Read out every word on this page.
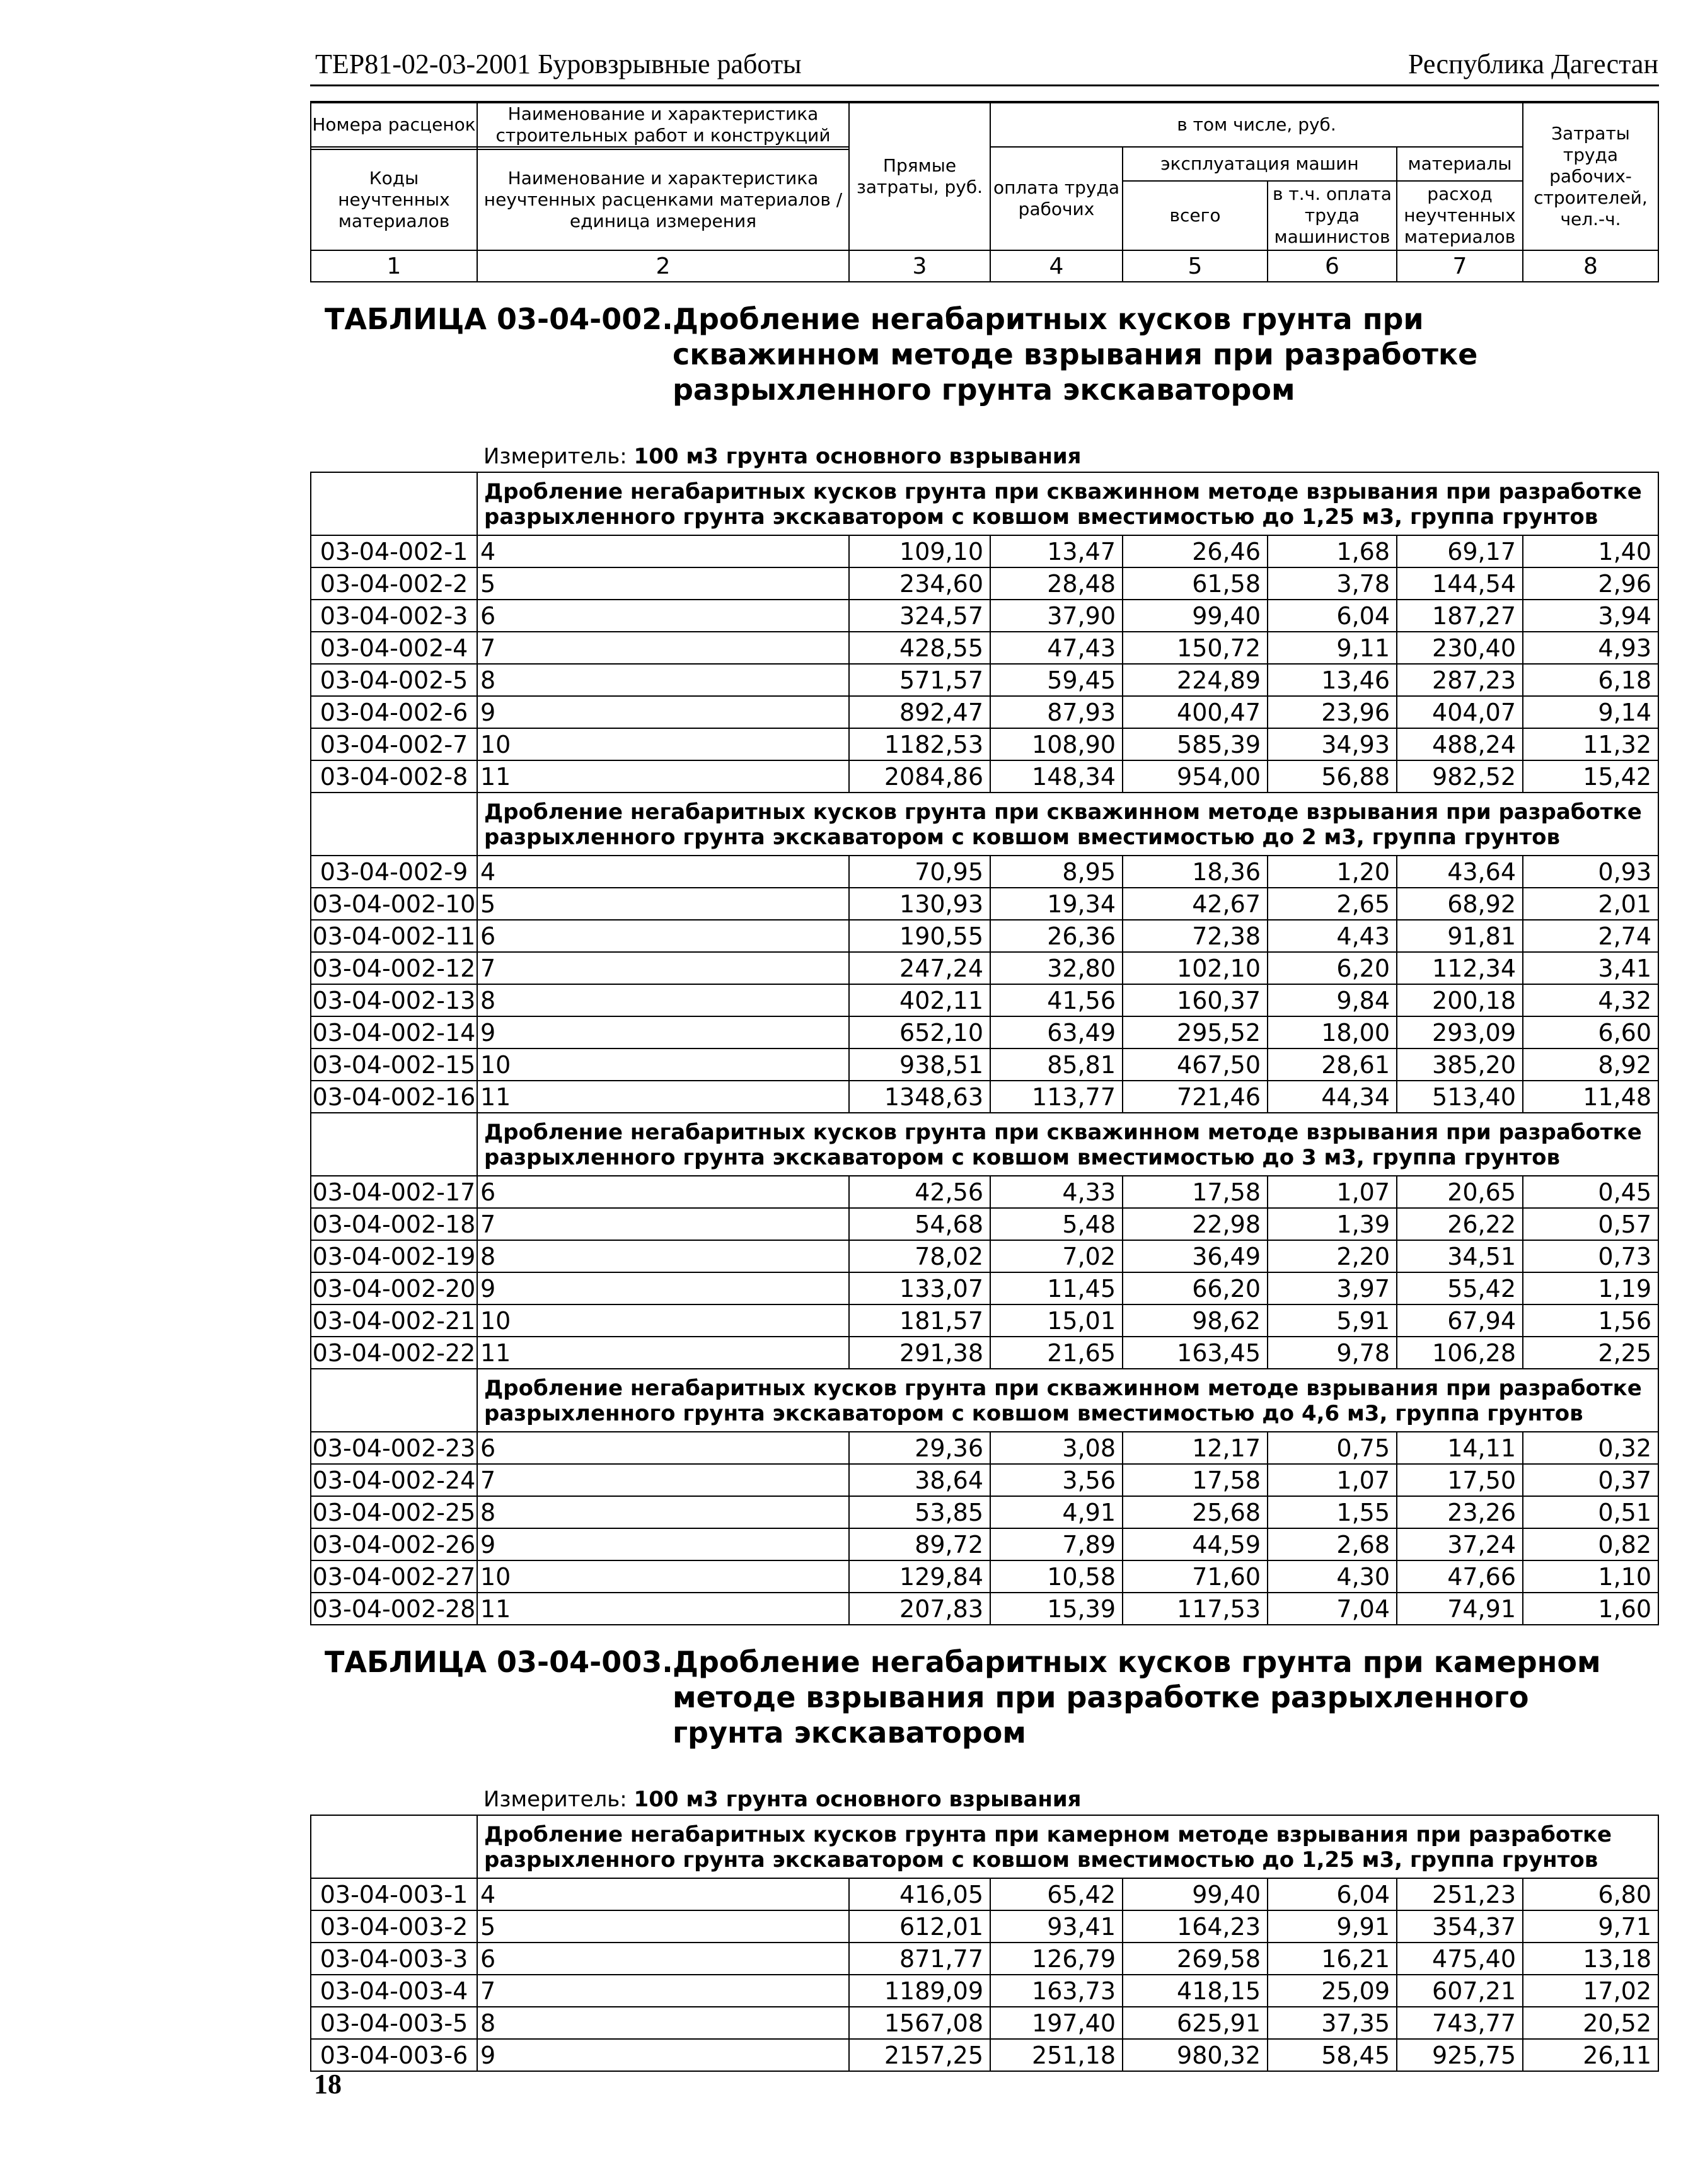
ТЕР81-02-03-2001 Буровзрывные работы	Республика Дагестан
Номера расценок	Наименование и характеристика строительных работ и конструкций	Прямые затраты, руб.	в том числе, руб.				Затраты труда рабочих-строителей, чел.-ч.
			оплата труда рабочих	эксплуатация машин		материалы	
Коды неучтенных материалов	Наименование и характеристика неучтенных расценками материалов / единица измерения						
				всего	в т.ч. оплата труда машинистов	расход неучтенных материалов	
1	2	3	4	5	6	7	8

ТАБЛИЦА 03-04-002. Дробление негабаритных кусков грунта при скважинном методе взрывания при разработке разрыхленного грунта экскаватором
Измеритель: 100 м3 грунта основного взрывания							

	Дробление негабаритных кусков грунта при скважинном методе взрывания при разработке разрыхленного грунта экскаватором с ковшом вместимостью до 1,25 м3, группа грунтов						
03-04-002-1	4	109,10	13,47	26,46	1,68	69,17	1,40
03-04-002-2	5	234,60	28,48	61,58	3,78	144,54	2,96
03-04-002-3	6	324,57	37,90	99,40	6,04	187,27	3,94
03-04-002-4	7	428,55	47,43	150,72	9,11	230,40	4,93
03-04-002-5	8	571,57	59,45	224,89	13,46	287,23	6,18
03-04-002-6	9	892,47	87,93	400,47	23,96	404,07	9,14
03-04-002-7	10	1182,53	108,90	585,39	34,93	488,24	11,32
03-04-002-8	11	2084,86	148,34	954,00	56,88	982,52	15,42
	Дробление негабаритных кусков грунта при скважинном методе взрывания при разработке разрыхленного грунта экскаватором с ковшом вместимостью до 2 м3, группа грунтов						
03-04-002-9	4	70,95	8,95	18,36	1,20	43,64	0,93
03-04-002-10	5	130,93	19,34	42,67	2,65	68,92	2,01
03-04-002-11	6	190,55	26,36	72,38	4,43	91,81	2,74
03-04-002-12	7	247,24	32,80	102,10	6,20	112,34	3,41
03-04-002-13	8	402,11	41,56	160,37	9,84	200,18	4,32
03-04-002-14	9	652,10	63,49	295,52	18,00	293,09	6,60
03-04-002-15	10	938,51	85,81	467,50	28,61	385,20	8,92
03-04-002-16	11	1348,63	113,77	721,46	44,34	513,40	11,48
	Дробление негабаритных кусков грунта при скважинном методе взрывания при разработке разрыхленного грунта экскаватором с ковшом вместимостью до 3 м3, группа грунтов						
03-04-002-17	6	42,56	4,33	17,58	1,07	20,65	0,45
03-04-002-18	7	54,68	5,48	22,98	1,39	26,22	0,57
03-04-002-19	8	78,02	7,02	36,49	2,20	34,51	0,73
03-04-002-20	9	133,07	11,45	66,20	3,97	55,42	1,19
03-04-002-21	10	181,57	15,01	98,62	5,91	67,94	1,56
03-04-002-22	11	291,38	21,65	163,45	9,78	106,28	2,25
	Дробление негабаритных кусков грунта при скважинном методе взрывания при разработке разрыхленного грунта экскаватором с ковшом вместимостью до 4,6 м3, группа грунтов						
03-04-002-23	6	29,36	3,08	12,17	0,75	14,11	0,32
03-04-002-24	7	38,64	3,56	17,58	1,07	17,50	0,37
03-04-002-25	8	53,85	4,91	25,68	1,55	23,26	0,51
03-04-002-26	9	89,72	7,89	44,59	2,68	37,24	0,82
03-04-002-27	10	129,84	10,58	71,60	4,30	47,66	1,10
03-04-002-28	11	207,83	15,39	117,53	7,04	74,91	1,60

ТАБЛИЦА 03-04-003. Дробление негабаритных кусков грунта при камерном методе взрывания при разработке разрыхленного грунта экскаватором
Измеритель: 100 м3 грунта основного взрывания							

	Дробление негабаритных кусков грунта при камерном методе взрывания при разработке разрыхленного грунта экскаватором с ковшом вместимостью до 1,25 м3, группа грунтов						
03-04-003-1	4	416,05	65,42	99,40	6,04	251,23	6,80
03-04-003-2	5	612,01	93,41	164,23	9,91	354,37	9,71
03-04-003-3	6	871,77	126,79	269,58	16,21	475,40	13,18
03-04-003-4	7	1189,09	163,73	418,15	25,09	607,21	17,02
03-04-003-5	8	1567,08	197,40	625,91	37,35	743,77	20,52
03-04-003-6	9	2157,25	251,18	980,32	58,45	925,75	26,11
18
